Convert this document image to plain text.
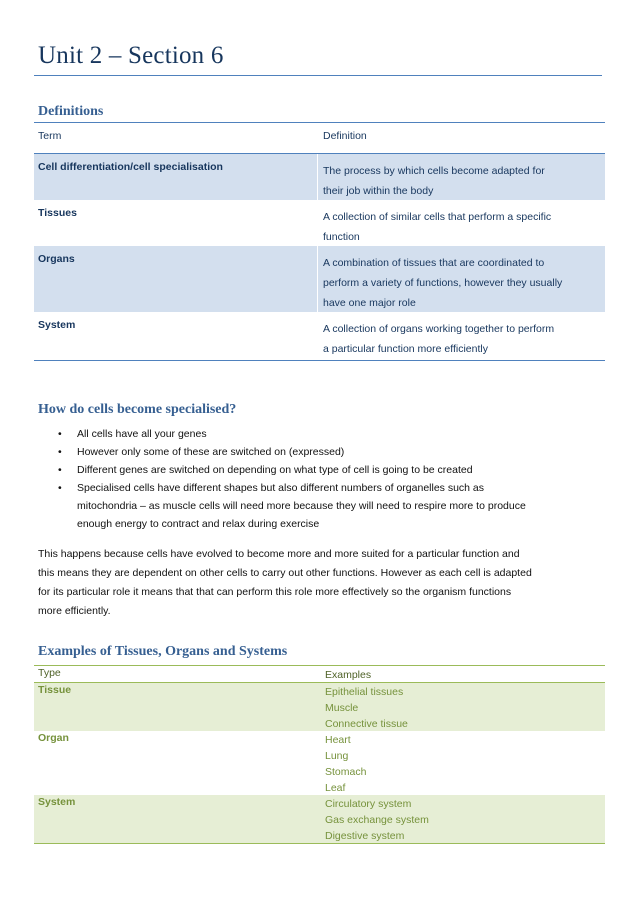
Unit 2 – Section 6
Definitions
Term	Definition
Cell differentiation/cell specialisation	The process by which cells become adapted for
their job within the body
Tissues	A collection of similar cells that perform a specific
function
Organs	A combination of tissues that are coordinated to
perform a variety of functions, however they usually
have one major role
System	A collection of organs working together to perform
a particular function more efficiently
How do cells become specialised?
• All cells have all your genes
• However only some of these are switched on (expressed)
• Different genes are switched on depending on what type of cell is going to be created
• Specialised cells have different shapes but also different numbers of organelles such as
mitochondria – as muscle cells will need more because they will need to respire more to produce
enough energy to contract and relax during exercise
This happens because cells have evolved to become more and more suited for a particular function and
this means they are dependent on other cells to carry out other functions. However as each cell is adapted
for its particular role it means that that can perform this role more effectively so the organism functions
more efficiently.
Examples of Tissues, Organs and Systems
Type	Examples
Tissue	Epithelial tissues
Muscle
Connective tissue
Organ	Heart
Lung
Stomach
Leaf
System	Circulatory system
Gas exchange system
Digestive system
